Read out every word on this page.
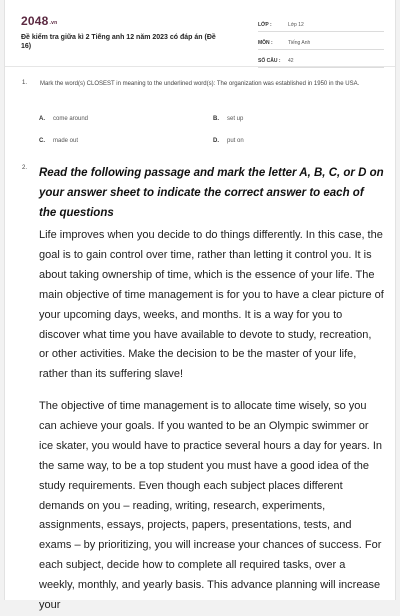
2048.vn
Đề kiểm tra giữa kì 2 Tiếng anh 12 năm 2023 có đáp án (Đề 16)
LỚP :	Lớp 12
MÔN :	Tiếng Anh
SỐ CÂU :	42
1. Mark the word(s) CLOSEST in meaning to the underlined word(s): The organization was established in 1950 in the USA.
A. come around	B. set up
C. made out	D. put on
2. Read the following passage and mark the letter A, B, C, or D on your answer sheet to indicate the correct answer to each of the questions
Life improves when you decide to do things differently. In this case, the goal is to gain control over time, rather than letting it control you. It is about taking ownership of time, which is the essence of your life. The main objective of time management is for you to have a clear picture of your upcoming days, weeks, and months. It is a way for you to discover what time you have available to devote to study, recreation, or other activities. Make the decision to be the master of your life, rather than its suffering slave!
The objective of time management is to allocate time wisely, so you can achieve your goals. If you wanted to be an Olympic swimmer or ice skater, you would have to practice several hours a day for years. In the same way, to be a top student you must have a good idea of the study requirements. Even though each subject places different demands on you – reading, writing, research, experiments, assignments, essays, projects, papers, presentations, tests, and exams – by prioritizing, you will increase your chances of success. For each subject, decide how to complete all required tasks, over a weekly, monthly, and yearly basis. This advance planning will increase your
